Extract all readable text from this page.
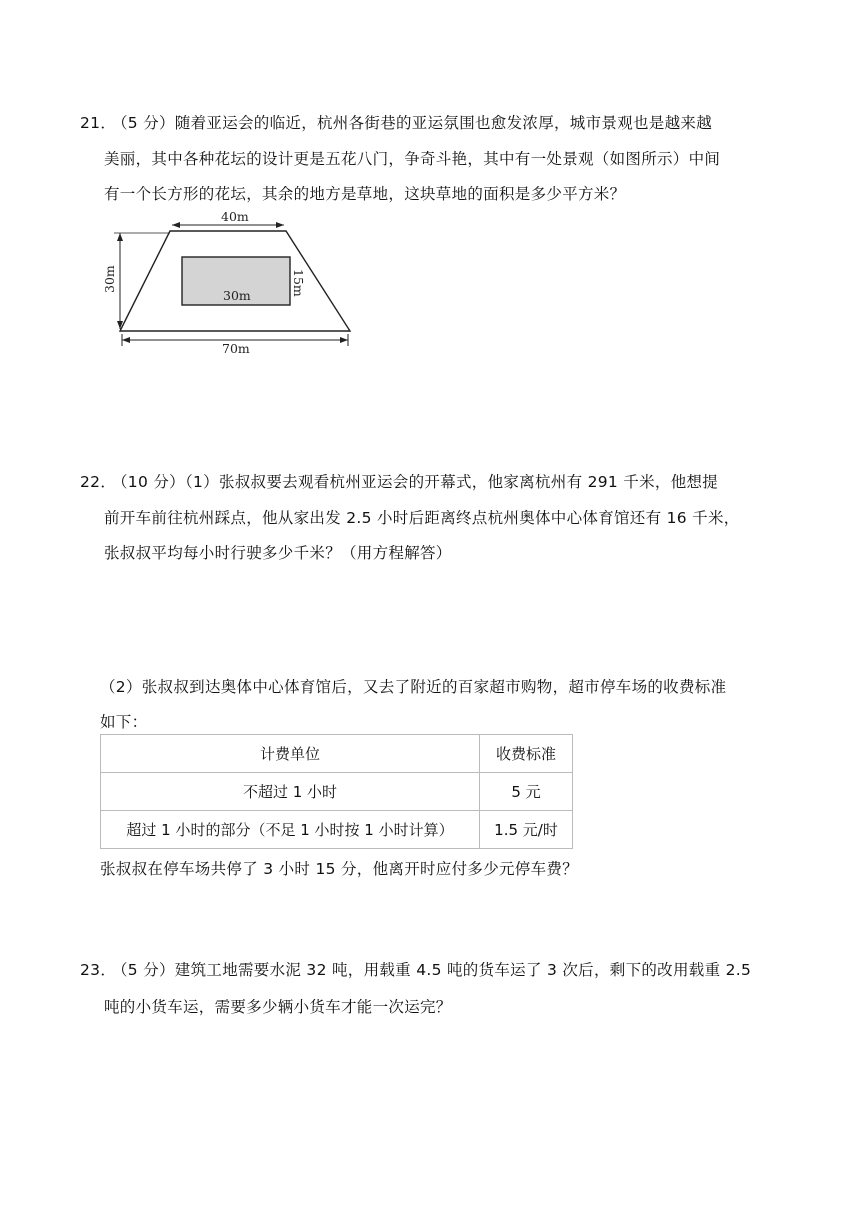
21．
（5 分）随着亚运会的临近，杭州各街巷的亚运氛围也愈发浓厚，城市景观也是越来越
美丽，其中各种花坛的设计更是五花八门，争奇斗艳，其中有一处景观（如图所示）中间
有一个长方形的花坛，其余的地方是草地，这块草地的面积是多少平方米？
40m
70m
30m
30m	15m
22．
（10 分）（1）张叔叔要去观看杭州亚运会的开幕式，他家离杭州有 291 千米，他想提
前开车前往杭州踩点，他从家出发 2.5 小时后距离终点杭州奥体中心体育馆还有 16 千米，
张叔叔平均每小时行驶多少千米？（用方程解答）
（2）张叔叔到达奥体中心体育馆后，又去了附近的百家超市购物，超市停车场的收费标准
如下：
计费单位	收费标准
不超过 1 小时	5 元
超过 1 小时的部分（不足 1 小时按 1 小时计算）	1.5 元/时
张叔叔在停车场共停了 3 小时 15 分，他离开时应付多少元停车费？
23．
（5 分）建筑工地需要水泥 32 吨，用载重 4.5 吨的货车运了 3 次后，剩下的改用载重 2.5
吨的小货车运，需要多少辆小货车才能一次运完？
